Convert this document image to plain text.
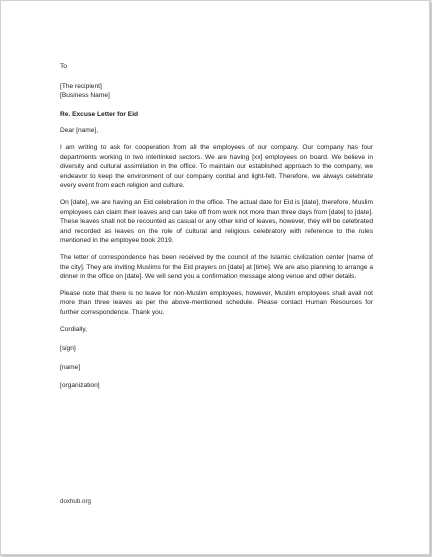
To

[The recipient]

[Business Name]

Re. Excuse Letter for Eid

Dear [name],

I am writing to ask for cooperation from all the employees of our company. Our company has four departments working in two interlinked sectors. We are having [xx] employees on board. We believe in diversity and cultural assimilation in the office. To maintain our established approach to the company, we endeavor to keep the environment of our company cordial and light-felt. Therefore, we always celebrate every event from each religion and culture.

On [date], we are having an Eid celebration in the office. The actual date for Eid is [date], therefore, Muslim employees can claim their leaves and can take off from work not more than three days from [date] to [date]. These leaves shall not be recounted as casual or any other kind of leaves, however, they will be celebrated and recorded as leaves on the role of cultural and religious celebratory with reference to the rules mentioned in the employee book 2019.

The letter of correspondence has been received by the council of the Islamic civilization center [name of the city]. They are inviting Muslims for the Eid prayers on [date] at [time]. We are also planning to arrange a dinner in the office on [date]. We will send you a confirmation message along venue and other details.

Please note that there is no leave for non-Muslim employees, however, Muslim employees shall avail not more than three leaves as per the above-mentioned schedule. Please contact Human Resources for further correspondence. Thank you.

Cordially,

[sign]

[name]

[organization]

doxhub.org
